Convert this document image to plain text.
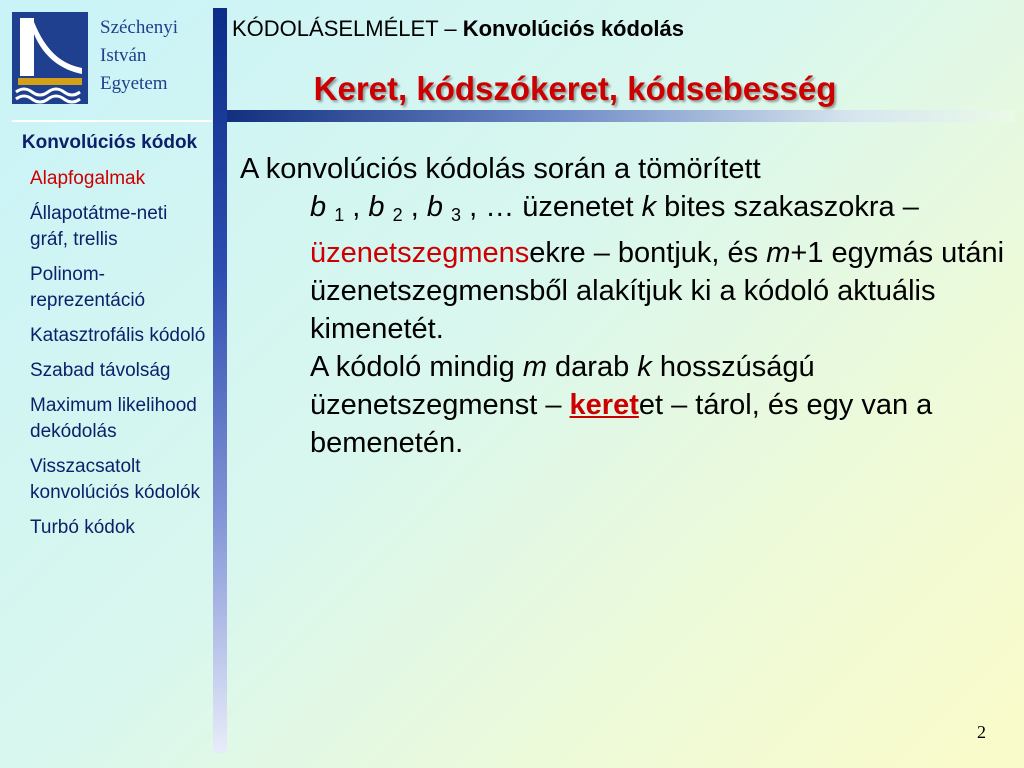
Széchenyi
István
Egyetem
KÓDOLÁSELMÉLET – Konvolúciós kódolás
Keret, kódszókeret, kódsebesség
Konvolúciós kódok
Alapfogalmak
Állapotátme-neti gráf, trellis
Polinom-reprezentáció
Katasztrofális kódoló
Szabad távolság
Maximum likelihood dekódolás
Visszacsatolt konvolúciós kódolók
Turbó kódok

A konvolúciós kódolás során a tömörített
b $_1$ , b $_2$ , b $_3$ , … üzenetet k bites szakaszokra – üzenetszegmensekre – bontjuk, és m+1 egymás utáni üzenetszegmensből alakítjuk ki a kódoló aktuális kimenetét.

A kódoló mindig m darab k hosszúságú üzenetszegmenst – keretet – tárol, és egy van a bemenetén.

2
